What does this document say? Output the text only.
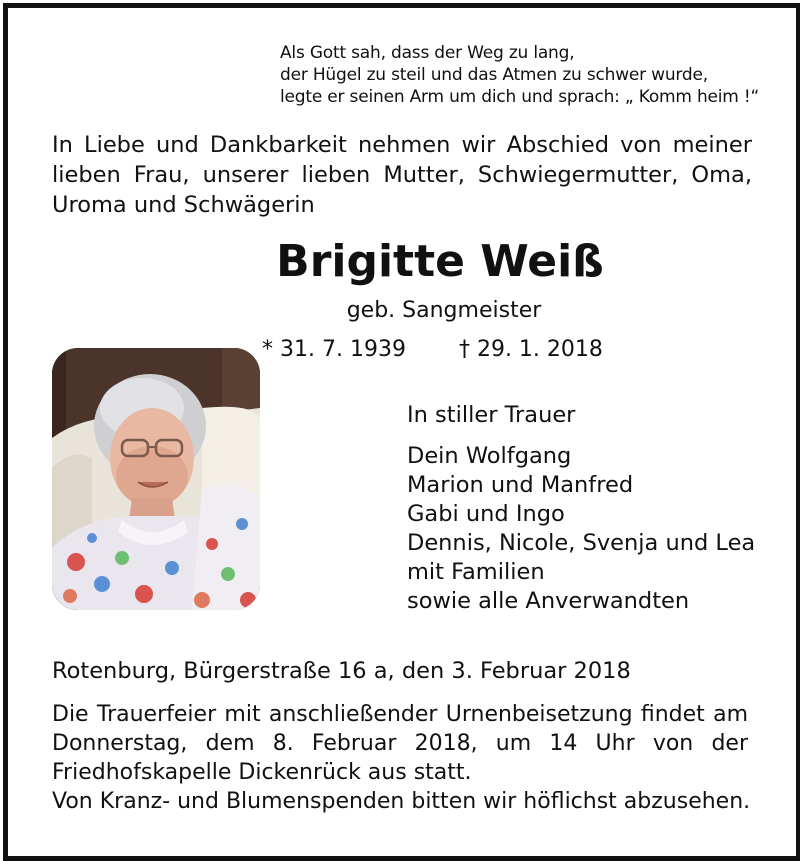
Als Gott sah, dass der Weg zu lang,
der Hügel zu steil und das Atmen zu schwer wurde,
legte er seinen Arm um dich und sprach: „ Komm heim !“
In Liebe und Dankbarkeit nehmen wir Abschied von meiner
lieben Frau, unserer lieben Mutter, Schwiegermutter, Oma,
Uroma und Schwägerin
Brigitte Weiß
geb. Sangmeister
* 31. 7. 1939 † 29. 1. 2018
In stiller Trauer
Dein Wolfgang
Marion und Manfred
Gabi und Ingo
Dennis, Nicole, Svenja und Lea
mit Familien
sowie alle Anverwandten
Rotenburg, Bürgerstraße 16 a, den 3. Februar 2018
Die Trauerfeier mit anschließender Urnenbeisetzung findet am
Donnerstag, dem 8. Februar 2018, um 14 Uhr von der
Friedhofskapelle Dickenrück aus statt.
Von Kranz- und Blumenspenden bitten wir höflichst abzusehen.
